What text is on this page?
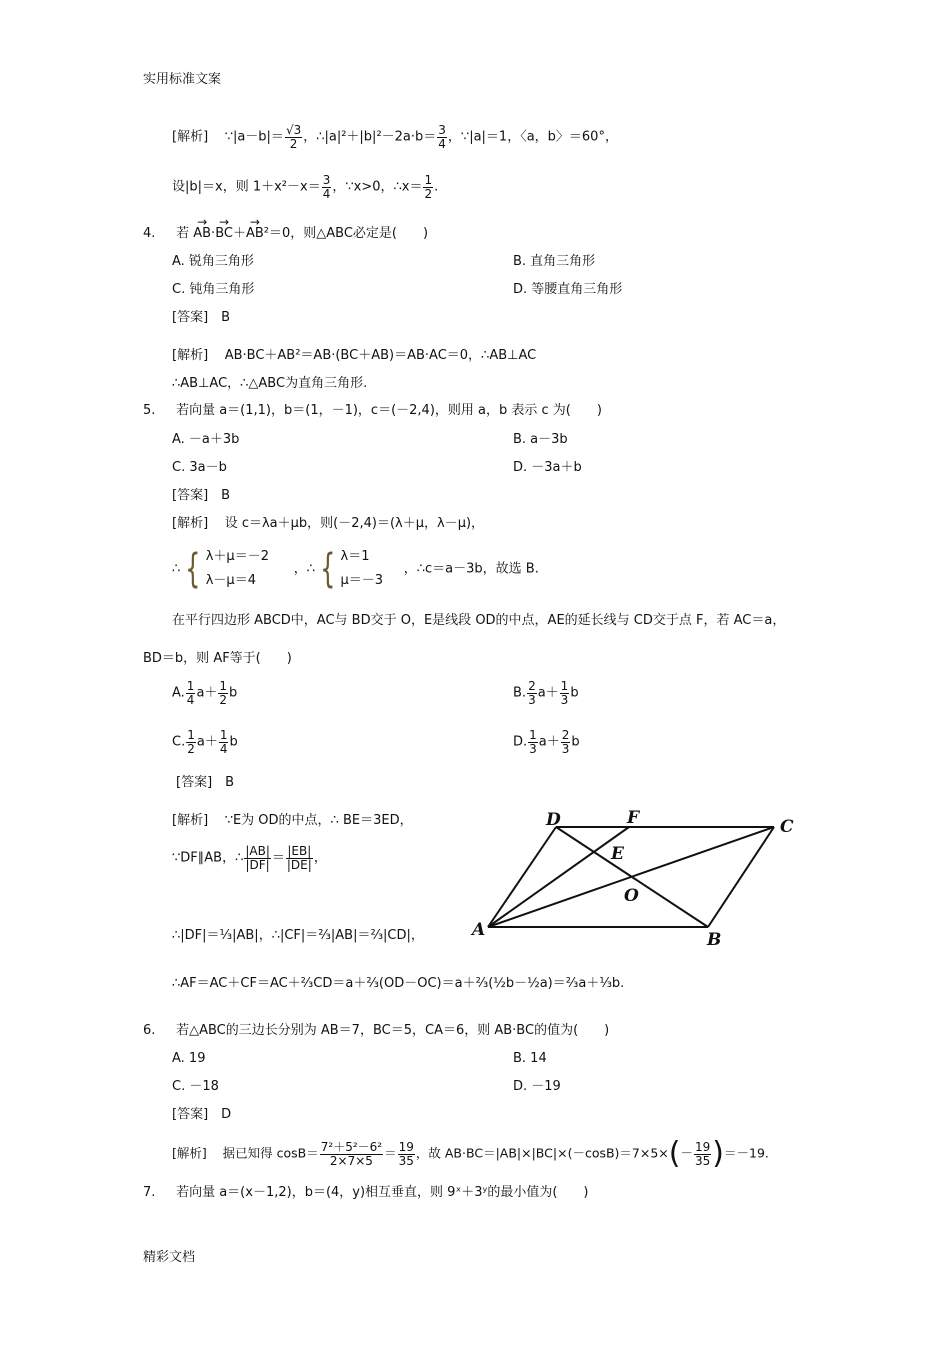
实用标准文案
[解析] ∵|a－b|＝ $\frac{√3}{2}$ ，∴|a|²＋|b|²－2a·b＝ $\frac{3}{4}$ ，∵|a|＝1，〈a，b〉＝60°，
设|b|＝x，则 $1+x^2-x= \frac{3}{4}$ ，∵x>0，∴x＝ $\frac{1}{2}$ .
4. 若 → AB·→ BC＋→ AB²＝0，则△ABC必定是(　　)
A. 锐角三角形	B. 直角三角形
C. 钝角三角形	D. 等腰直角三角形
[答案]　B
[解析] AB·BC＋AB²＝AB·(BC＋AB)＝AB·AC＝0，∴AB⊥AC
∴AB⊥AC，∴△ABC为直角三角形.
5. 若向量 a＝(1,1)，b＝(1，－1)，c＝(－2,4)，则用 a，b 表示 c 为(　　)
A. －a＋3b	B. a－3b
C. 3a－b	D. －3a＋b
[答案]　B
[解析] 设 c＝λa＋μb，则(－2,4)＝(λ＋μ，λ－μ)，
∴ { λ＋μ＝－2
λ－μ＝4      ，∴ { λ＝1
μ＝－3     ，∴c＝a－3b，故选 B.
在平行四边形 ABCD中，AC与 BD交于 O，E是线段 OD的中点，AE的延长线与 CD交于点 F，若 AC＝a，
BD＝b，则 AF等于(　　)
A. $\frac{1}{4} a+ \frac{1}{2}$ b	B. $\frac{2}{3} a+ \frac{1}{3}$ b
C. $\frac{1}{2} a+ \frac{1}{4}$ b	D. $\frac{1}{3} a+ \frac{2}{3}$ b
[答案]　B
[解析] ∵E为 OD的中点，∴ BE＝3ED，
∵DF∥AB，∴ $\frac{|AB|}{|DF|} = \frac{|EB|}{|DE|}$ ，
∴|DF|＝⅓|AB|，∴|CF|＝⅔|AB|＝⅔|CD|，
∴AF＝AC＋CF＝AC＋⅔CD＝a＋⅔(OD－OC)＝a＋⅔(½b－½a)＝⅔a＋⅓b.
D	F	C
E
O
A	B
6. 若△ABC的三边长分别为 AB＝7，BC＝5，CA＝6，则 AB·BC的值为(　　)
A. 19	B. 14
C. －18	D. －19
[答案]　D
[解析] 据已知得 $\cos B= \frac{\text{7²＋5²－6²}}{2\times 7\times 5} = \frac{19}{35}$ ，故 $AB\cdot BC=|AB|\times|BC|\times(-\cos B)=7\times 5\times(- \frac{19}{35} )=-19$.
7. 若向量 a＝(x－1,2)，b＝(4，y)相互垂直，则 9ˣ＋3ʸ的最小值为(　　)
精彩文档
